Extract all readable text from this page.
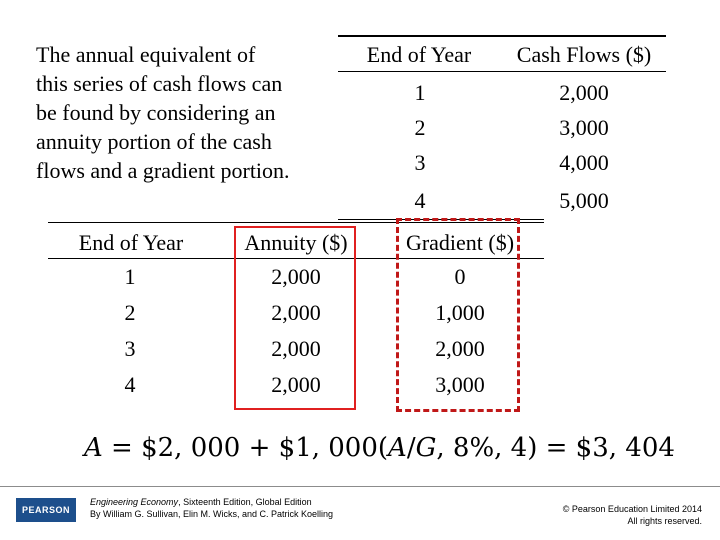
The annual equivalent of
this series of cash flows can
be found by considering an
annuity portion of the cash
flows and a gradient portion.
End of Year	Cash Flows ($)
1	2,000
2	3,000
3	4,000
4	5,000
End of Year	Annuity ($)	Gradient ($)
1	2,000	0
2	2,000	1,000
3	2,000	2,000
4	2,000	3,000
A = $2, 000 + $1, 000(A/G, 8%, 4) = $3, 404
PEARSON
Engineering Economy, Sixteenth Edition, Global Edition
By William G. Sullivan, Elin M. Wicks, and C. Patrick Koelling	© Pearson Education Limited 2014
All rights reserved.
